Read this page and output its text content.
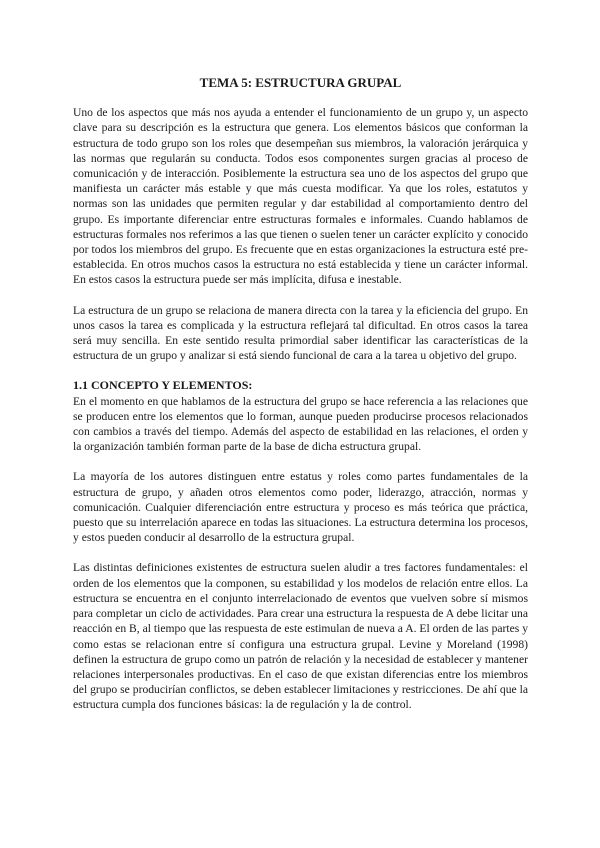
TEMA 5: ESTRUCTURA GRUPAL

Uno de los aspectos que más nos ayuda a entender el funcionamiento de un grupo y, un aspecto clave para su descripción es la estructura que genera. Los elementos básicos que conforman la estructura de todo grupo son los roles que desempeñan sus miembros, la valoración jerárquica y las normas que regularán su conducta. Todos esos componentes surgen gracias al proceso de comunicación y de interacción. Posiblemente la estructura sea uno de los aspectos del grupo que manifiesta un carácter más estable y que más cuesta modificar. Ya que los roles, estatutos y normas son las unidades que permiten regular y dar estabilidad al comportamiento dentro del grupo. Es importante diferenciar entre estructuras formales e informales. Cuando hablamos de estructuras formales nos referimos a las que tienen o suelen tener un carácter explícito y conocido por todos los miembros del grupo. Es frecuente que en estas organizaciones la estructura esté pre-establecida. En otros muchos casos la estructura no está establecida y tiene un carácter informal. En estos casos la estructura puede ser más implícita, difusa e inestable.

La estructura de un grupo se relaciona de manera directa con la tarea y la eficiencia del grupo. En unos casos la tarea es complicada y la estructura reflejará tal dificultad. En otros casos la tarea será muy sencilla. En este sentido resulta primordial saber identificar las características de la estructura de un grupo y analizar si está siendo funcional de cara a la tarea u objetivo del grupo.

1.1 CONCEPTO Y ELEMENTOS:

En el momento en que hablamos de la estructura del grupo se hace referencia a las relaciones que se producen entre los elementos que lo forman, aunque pueden producirse procesos relacionados con cambios a través del tiempo. Además del aspecto de estabilidad en las relaciones, el orden y la organización también forman parte de la base de dicha estructura grupal.

La mayoría de los autores distinguen entre estatus y roles como partes fundamentales de la estructura de grupo, y añaden otros elementos como poder, liderazgo, atracción, normas y comunicación. Cualquier diferenciación entre estructura y proceso es más teórica que práctica, puesto que su interrelación aparece en todas las situaciones. La estructura determina los procesos, y estos pueden conducir al desarrollo de la estructura grupal.

Las distintas definiciones existentes de estructura suelen aludir a tres factores fundamentales: el orden de los elementos que la componen, su estabilidad y los modelos de relación entre ellos. La estructura se encuentra en el conjunto interrelacionado de eventos que vuelven sobre sí mismos para completar un ciclo de actividades. Para crear una estructura la respuesta de A debe licitar una reacción en B, al tiempo que las respuesta de este estimulan de nueva a A. El orden de las partes y como estas se relacionan entre sí configura una estructura grupal. Levine y Moreland (1998) definen la estructura de grupo como un patrón de relación y la necesidad de establecer y mantener relaciones interpersonales productivas. En el caso de que existan diferencias entre los miembros del grupo se producirían conflictos, se deben establecer limitaciones y restricciones. De ahí que la estructura cumpla dos funciones básicas: la de regulación y la de control.
